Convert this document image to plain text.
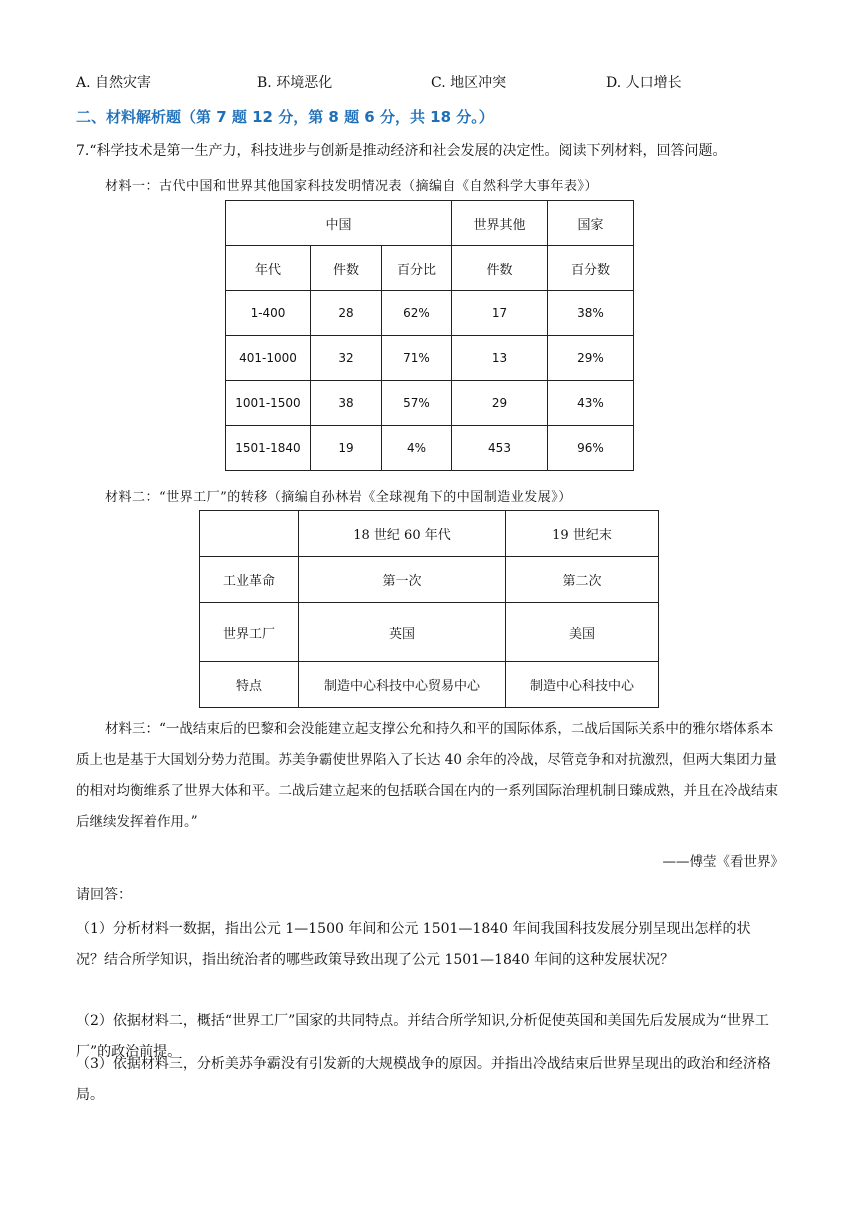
A. 自然灾害	B. 环境恶化	C. 地区冲突	D. 人口增长
二、材料解析题（第 7 题 12 分，第 8 题 6 分，共 18 分。）
7.“科学技术是第一生产力，科技进步与创新是推动经济和社会发展的决定性。阅读下列材料，回答问题。
材料一：古代中国和世界其他国家科技发明情况表（摘编自《自然科学大事年表》）
中国			世界其他	国家
年代	件数	百分比	件数	百分数
1-400	28	62%	17	38%
401-1000	32	71%	13	29%
1001-1500	38	57%	29	43%
1501-1840	19	4%	453	96%
材料二：“世界工厂”的转移（摘编自孙林岩《全球视角下的中国制造业发展》）
	18 世纪 60 年代	19 世纪末
工业革命	第一次	第二次
世界工厂	英国	美国
特点	制造中心科技中心贸易中心	制造中心科技中心
材料三：“一战结束后的巴黎和会没能建立起支撑公允和持久和平的国际体系，二战后国际关系中的雅尔塔体系本质上也是基于大国划分势力范围。苏美争霸使世界陷入了长达 40 余年的冷战，尽管竞争和对抗激烈，但两大集团力量的相对均衡维系了世界大体和平。二战后建立起来的包括联合国在内的一系列国际治理机制日臻成熟，并且在冷战结束后继续发挥着作用。”
——傅莹《看世界》
请回答：
（1）分析材料一数据，指出公元 1—1500 年间和公元 1501—1840 年间我国科技发展分别呈现出怎样的状况？结合所学知识，指出统治者的哪些政策导致出现了公元 1501—1840 年间的这种发展状况？
（2）依据材料二，概括“世界工厂”国家的共同特点。并结合所学知识,分析促使英国和美国先后发展成为“世界工厂”的政治前提。
（3）依据材料三，分析美苏争霸没有引发新的大规模战争的原因。并指出冷战结束后世界呈现出的政治和经济格局。
